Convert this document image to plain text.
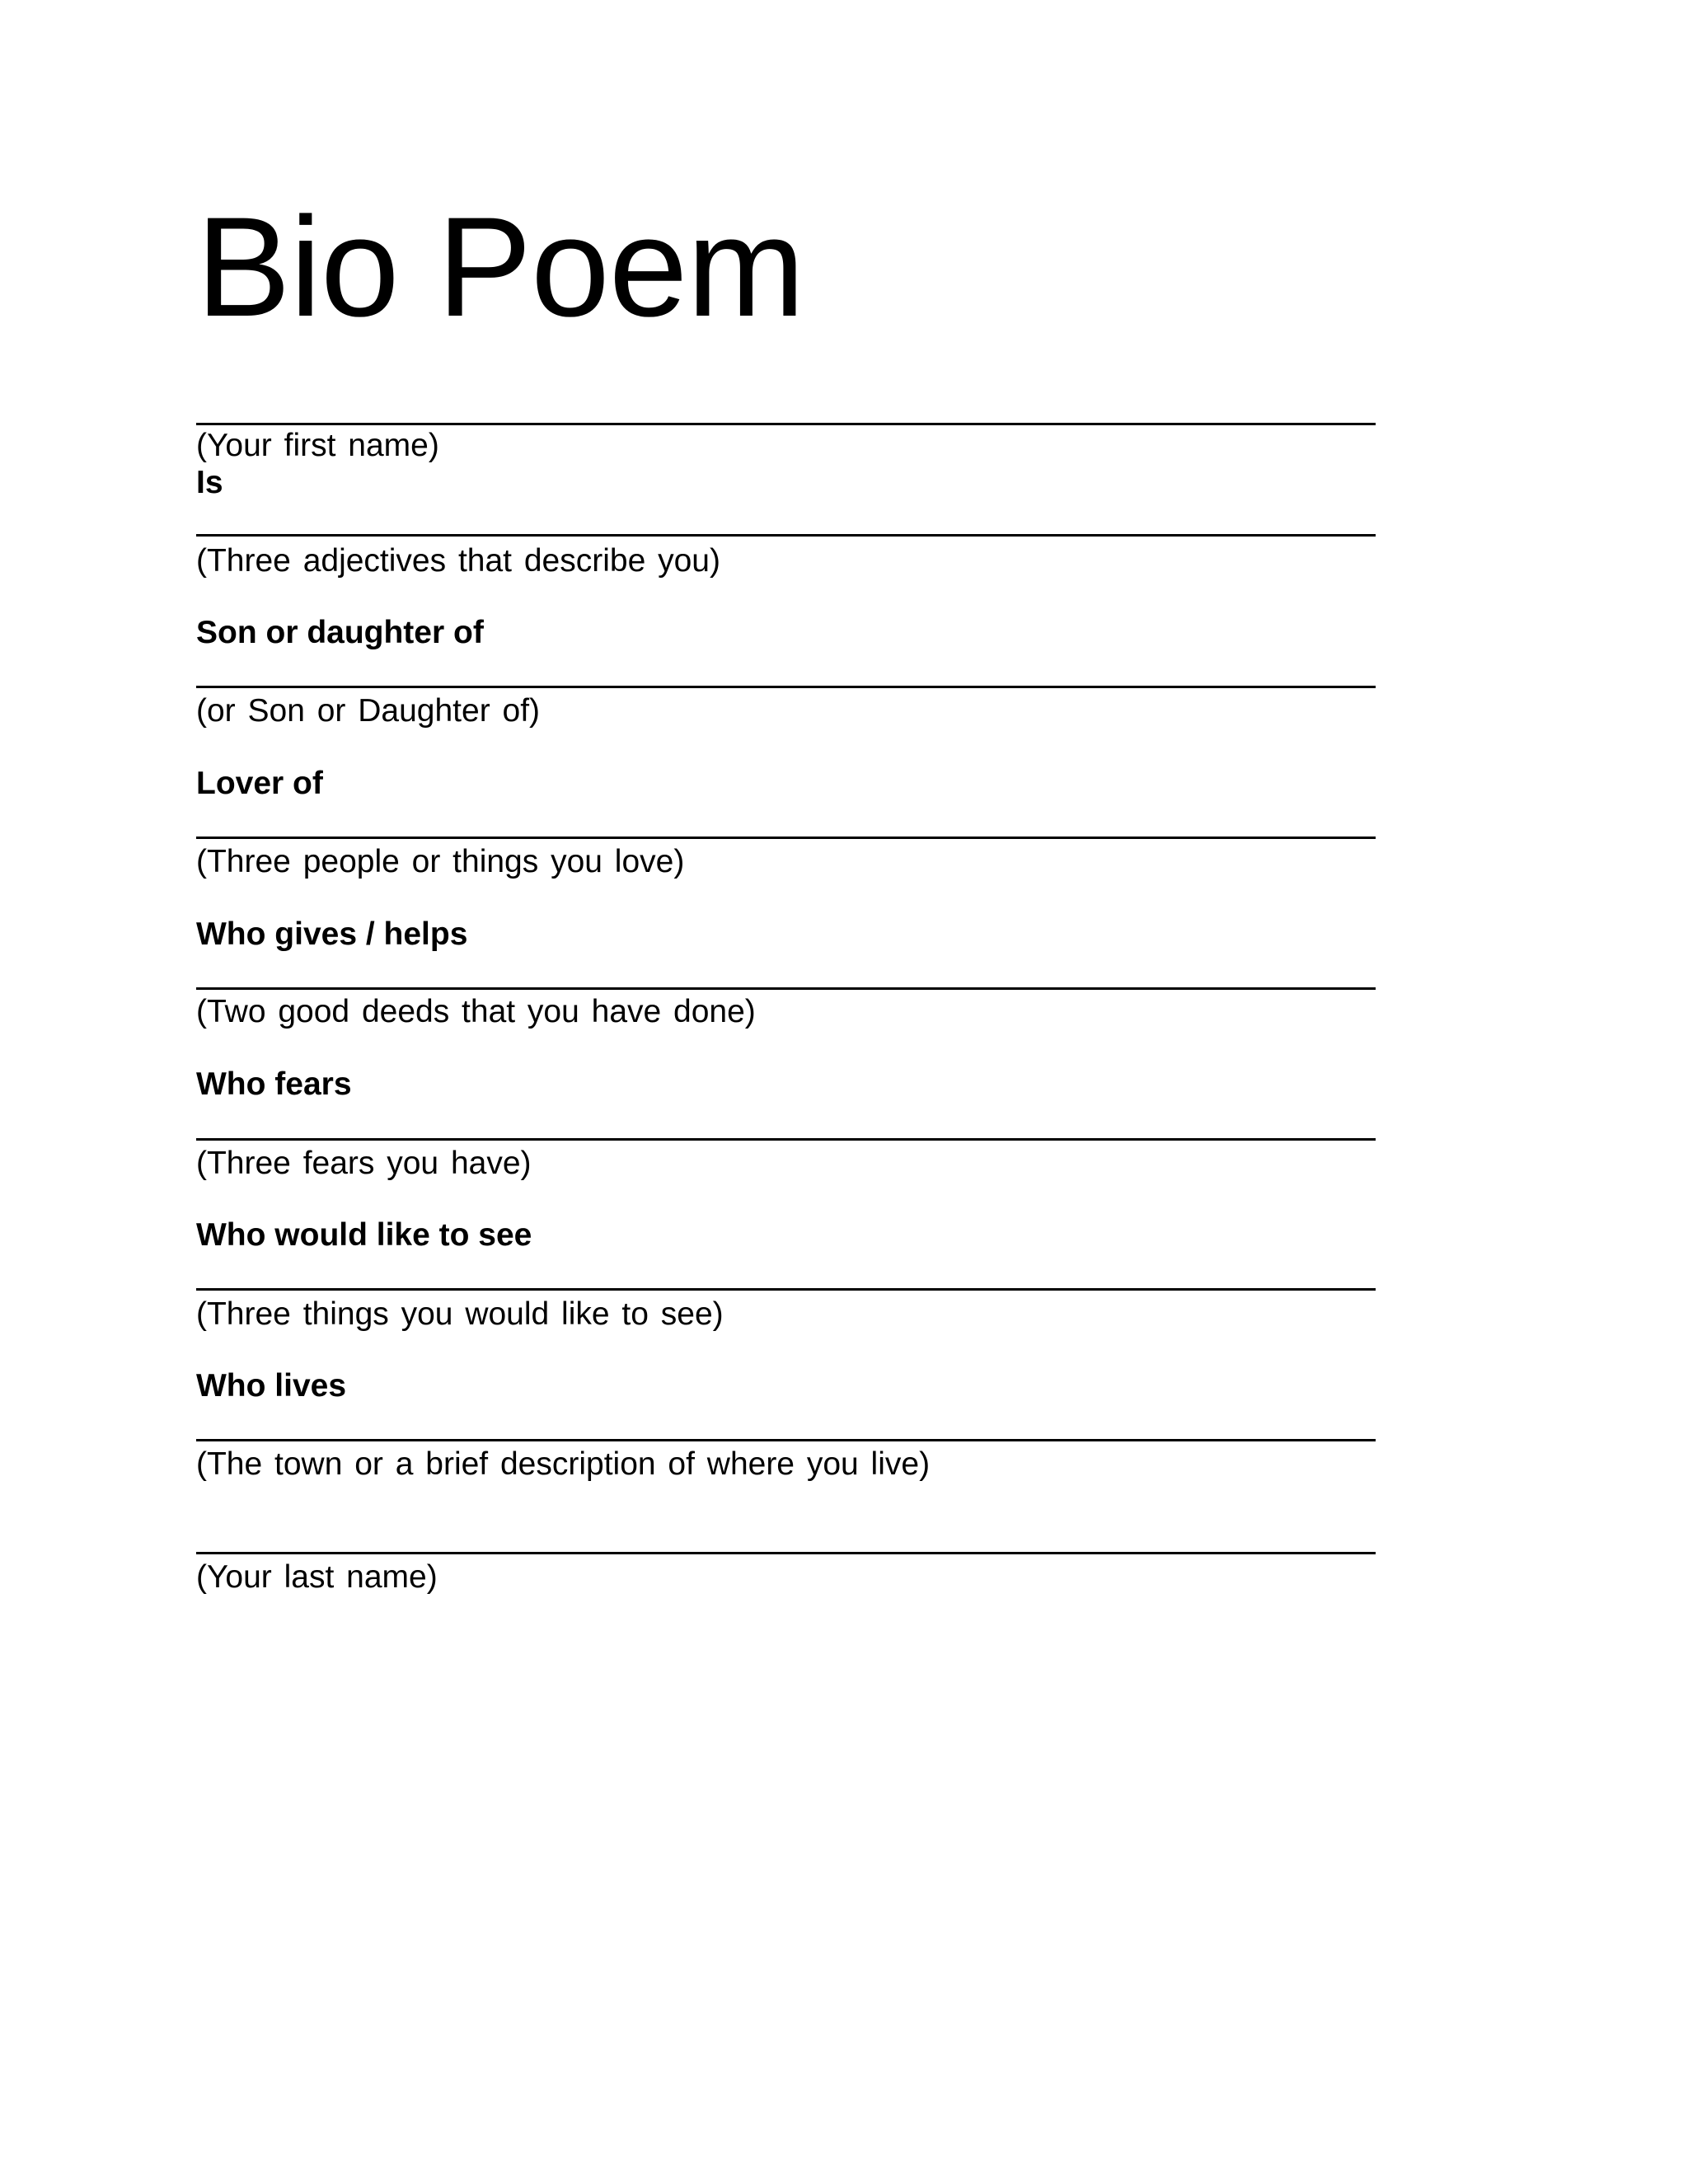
Bio Poem
(Your first name)
Is
(Three adjectives that describe you)
Son or daughter of
(or Son or Daughter of)
Lover of
(Three people or things you love)
Who gives / helps
(Two good deeds that you have done)
Who fears
(Three fears you have)
Who would like to see
(Three things you would like to see)
Who lives
(The town or a brief description of where you live)
(Your last name)
